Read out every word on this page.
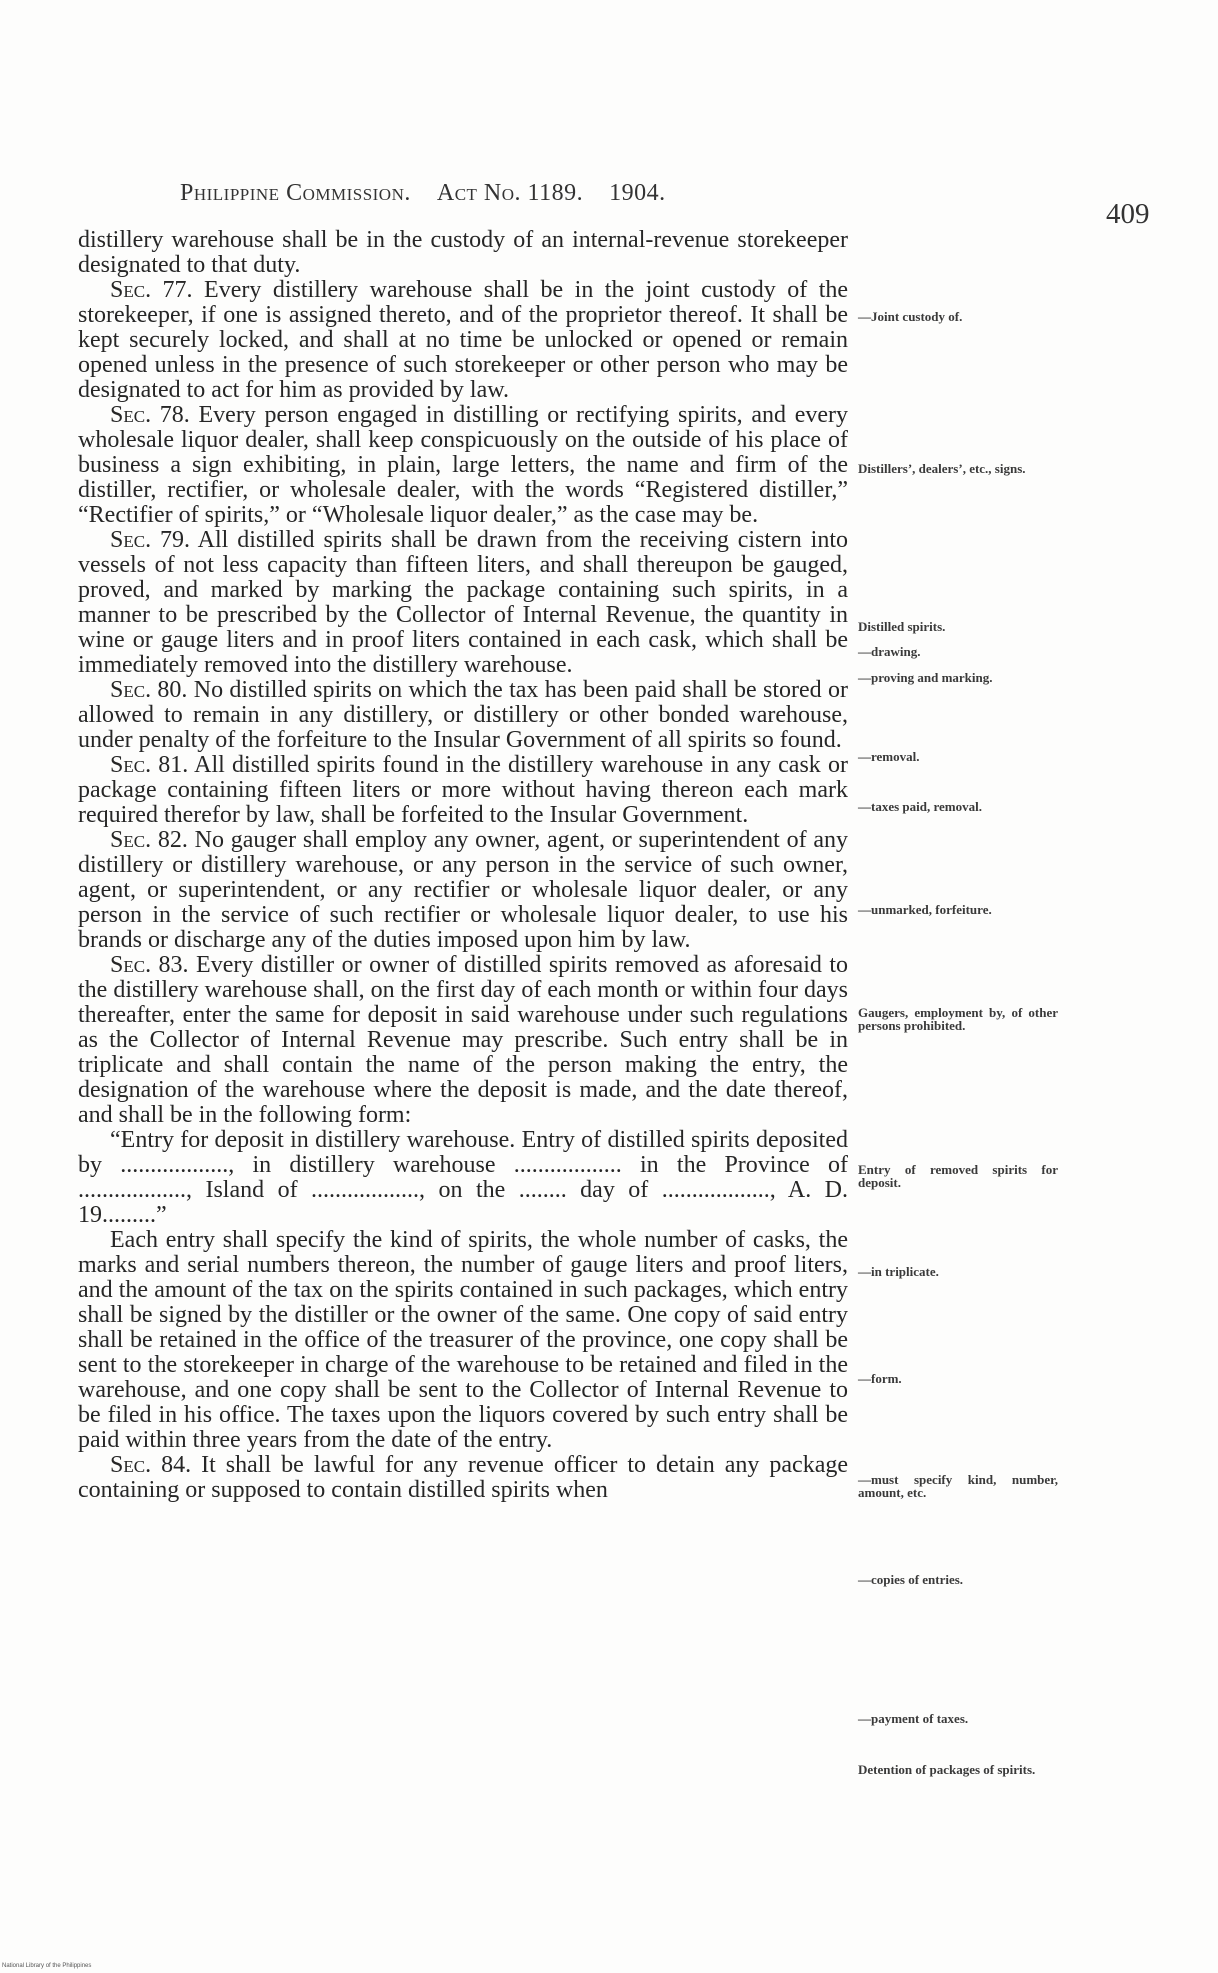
Philippine Commission. Act No. 1189. 1904.
409

distillery warehouse shall be in the custody of an internal-revenue storekeeper designated to that duty.

Sec. 77. Every distillery warehouse shall be in the joint custody of the storekeeper, if one is assigned thereto, and of the proprietor thereof. It shall be kept securely locked, and shall at no time be unlocked or opened or remain opened unless in the presence of such storekeeper or other person who may be designated to act for him as provided by law.

Sec. 78. Every person engaged in distilling or rectifying spirits, and every wholesale liquor dealer, shall keep conspicuously on the outside of his place of business a sign exhibiting, in plain, large letters, the name and firm of the distiller, rectifier, or wholesale dealer, with the words “Registered distiller,” “Rectifier of spirits,” or “Wholesale liquor dealer,” as the case may be.

Sec. 79. All distilled spirits shall be drawn from the receiving cistern into vessels of not less capacity than fifteen liters, and shall thereupon be gauged, proved, and marked by marking the package containing such spirits, in a manner to be prescribed by the Collector of Internal Revenue, the quantity in wine or gauge liters and in proof liters contained in each cask, which shall be immediately removed into the distillery warehouse.

Sec. 80. No distilled spirits on which the tax has been paid shall be stored or allowed to remain in any distillery, or distillery or other bonded warehouse, under penalty of the forfeiture to the Insular Government of all spirits so found.

Sec. 81. All distilled spirits found in the distillery warehouse in any cask or package containing fifteen liters or more without having thereon each mark required therefor by law, shall be forfeited to the Insular Government.

Sec. 82. No gauger shall employ any owner, agent, or superintendent of any distillery or distillery warehouse, or any person in the service of such owner, agent, or superintendent, or any rectifier or wholesale liquor dealer, or any person in the service of such rectifier or wholesale liquor dealer, to use his brands or discharge any of the duties imposed upon him by law.

Sec. 83. Every distiller or owner of distilled spirits removed as aforesaid to the distillery warehouse shall, on the first day of each month or within four days thereafter, enter the same for deposit in said warehouse under such regulations as the Collector of Internal Revenue may prescribe. Such entry shall be in triplicate and shall contain the name of the person making the entry, the designation of the warehouse where the deposit is made, and the date thereof, and shall be in the following form:

“Entry for deposit in distillery warehouse. Entry of distilled spirits deposited by .................., in distillery warehouse .................. in the Province of .................., Island of .................., on the ........ day of .................., A. D. 19.........”

Each entry shall specify the kind of spirits, the whole number of casks, the marks and serial numbers thereon, the number of gauge liters and proof liters, and the amount of the tax on the spirits contained in such packages, which entry shall be signed by the distiller or the owner of the same. One copy of said entry shall be retained in the office of the treasurer of the province, one copy shall be sent to the storekeeper in charge of the warehouse to be retained and filed in the warehouse, and one copy shall be sent to the Collector of Internal Revenue to be filed in his office. The taxes upon the liquors covered by such entry shall be paid within three years from the date of the entry.

Sec. 84. It shall be lawful for any revenue officer to detain any package containing or supposed to contain distilled spirits when

—Joint custody of.
Distillers’, dealers’, etc., signs.
Distilled spirits.
—drawing.
—proving and marking.
—removal.
—taxes paid, removal.
—unmarked, forfeiture.
Gaugers, employment by, of other persons prohibited.
Entry of removed spirits for deposit.
—in triplicate.
—form.
—must specify kind, number, amount, etc.
—copies of entries.
—payment of taxes.
Detention of packages of spirits.
National Library of the Philippines
